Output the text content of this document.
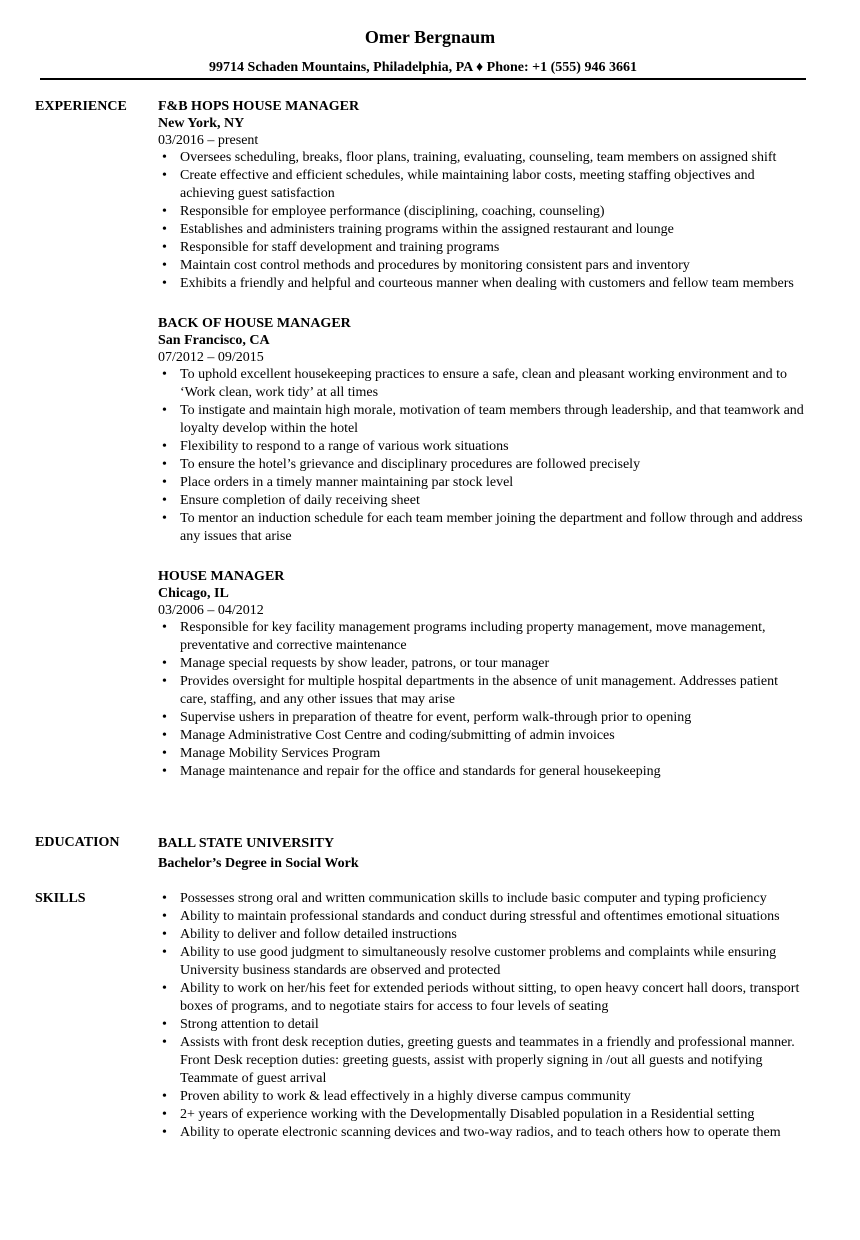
Omer Bergnaum
99714 Schaden Mountains, Philadelphia, PA ♦ Phone: +1 (555) 946 3661
EXPERIENCE	F&B HOPS HOUSE MANAGER
New York, NY
03/2016 – present
• Oversees scheduling, breaks, floor plans, training, evaluating, counseling, team members on assigned shift
• Create effective and efficient schedules, while maintaining labor costs, meeting staffing objectives and achieving guest satisfaction
• Responsible for employee performance (disciplining, coaching, counseling)
• Establishes and administers training programs within the assigned restaurant and lounge
• Responsible for staff development and training programs
• Maintain cost control methods and procedures by monitoring consistent pars and inventory
• Exhibits a friendly and helpful and courteous manner when dealing with customers and fellow team members
BACK OF HOUSE MANAGER
San Francisco, CA
07/2012 – 09/2015
• To uphold excellent housekeeping practices to ensure a safe, clean and pleasant working environment and to ‘Work clean, work tidy’ at all times
• To instigate and maintain high morale, motivation of team members through leadership, and that teamwork and loyalty develop within the hotel
• Flexibility to respond to a range of various work situations
• To ensure the hotel’s grievance and disciplinary procedures are followed precisely
• Place orders in a timely manner maintaining par stock level
• Ensure completion of daily receiving sheet
• To mentor an induction schedule for each team member joining the department and follow through and address any issues that arise
HOUSE MANAGER
Chicago, IL
03/2006 – 04/2012
• Responsible for key facility management programs including property management, move management, preventative and corrective maintenance
• Manage special requests by show leader, patrons, or tour manager
• Provides oversight for multiple hospital departments in the absence of unit management. Addresses patient care, staffing, and any other issues that may arise
• Supervise ushers in preparation of theatre for event, perform walk-through prior to opening
• Manage Administrative Cost Centre and coding/submitting of admin invoices
• Manage Mobility Services Program
• Manage maintenance and repair for the office and standards for general housekeeping
EDUCATION	BALL STATE UNIVERSITY
Bachelor’s Degree in Social Work
SKILLS	• Possesses strong oral and written communication skills to include basic computer and typing proficiency
• Ability to maintain professional standards and conduct during stressful and oftentimes emotional situations
• Ability to deliver and follow detailed instructions
• Ability to use good judgment to simultaneously resolve customer problems and complaints while ensuring University business standards are observed and protected
• Ability to work on her/his feet for extended periods without sitting, to open heavy concert hall doors, transport boxes of programs, and to negotiate stairs for access to four levels of seating
• Strong attention to detail
• Assists with front desk reception duties, greeting guests and teammates in a friendly and professional manner. Front Desk reception duties: greeting guests, assist with properly signing in /out all guests and notifying Teammate of guest arrival
• Proven ability to work & lead effectively in a highly diverse campus community
• 2+ years of experience working with the Developmentally Disabled population in a Residential setting
• Ability to operate electronic scanning devices and two-way radios, and to teach others how to operate them
